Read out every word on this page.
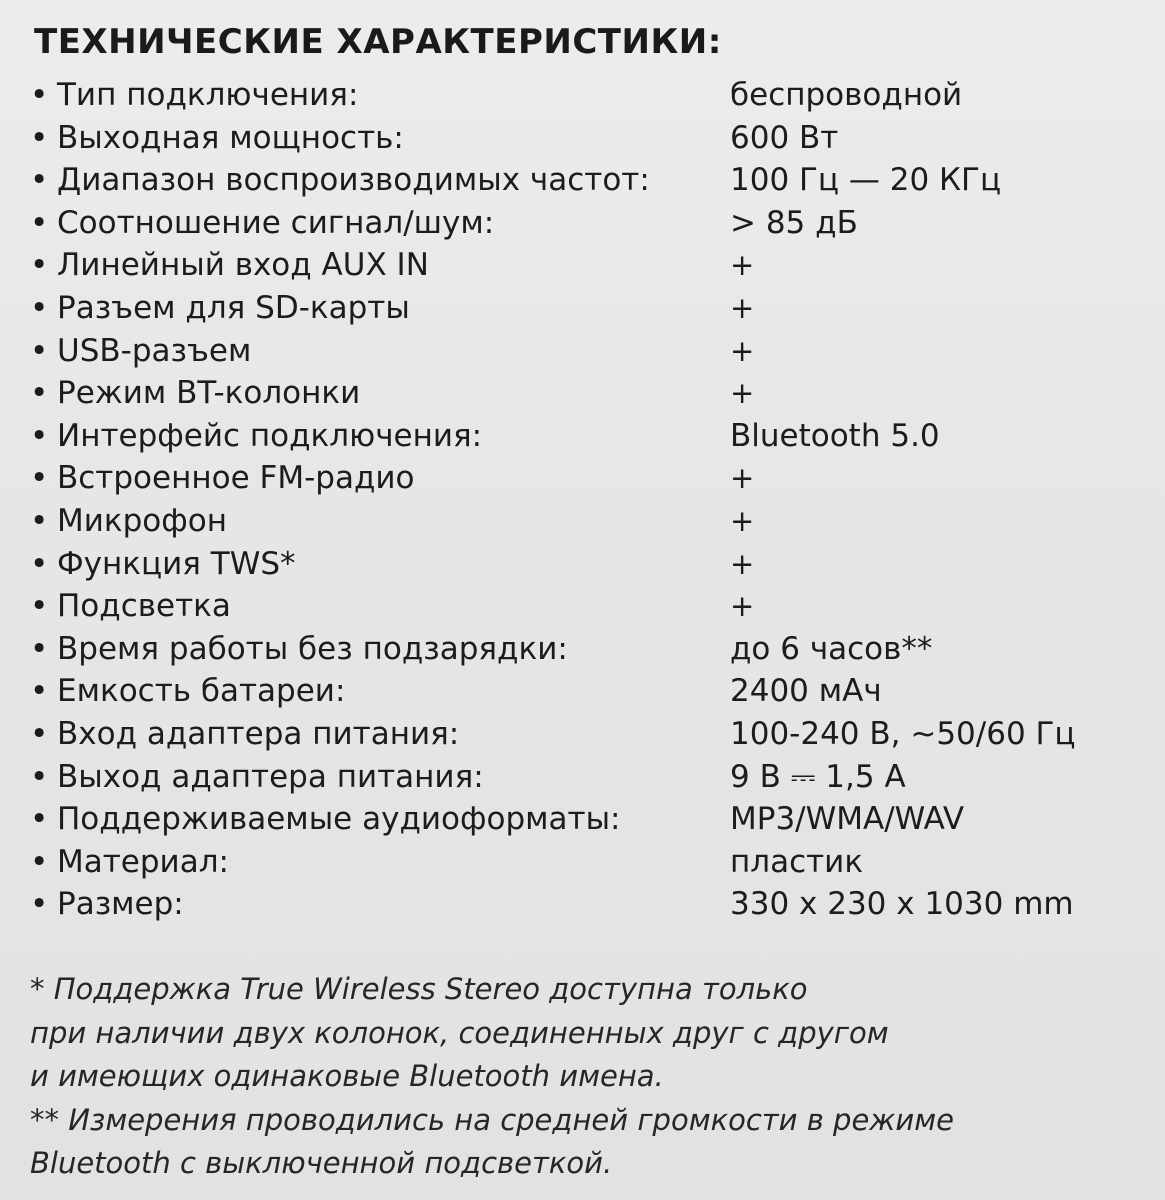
ТЕХНИЧЕСКИЕ ХАРАКТЕРИСТИКИ:
• Тип подключения:	беспроводной
• Выходная мощность:	600 Вт
• Диапазон воспроизводимых частот:	100 Гц — 20 КГц
• Соотношение сигнал/шум:	> 85 дБ
• Линейный вход AUX IN	+
• Разъем для SD-карты	+
• USB-разъем	+
• Режим BT-колонки	+
• Интерфейс подключения:	Bluetooth 5.0
• Встроенное FM-радио	+
• Микрофон	+
• Функция TWS*	+
• Подсветка	+
• Время работы без подзарядки:	до 6 часов**
• Емкость батареи:	2400 мАч
• Вход адаптера питания:	100-240 В, ~50/60 Гц
• Выход адаптера питания:	9 В ⎓ 1,5 А
• Поддерживаемые аудиоформаты:	MP3/WMA/WAV
• Материал:	пластик
• Размер:	330 x 230 x 1030 mm
* Поддержка True Wireless Stereo доступна только
при наличии двух колонок, соединенных друг с другом
и имеющих одинаковые Bluetooth имена.
** Измерения проводились на средней громкости в режиме
Bluetooth с выключенной подсветкой.
